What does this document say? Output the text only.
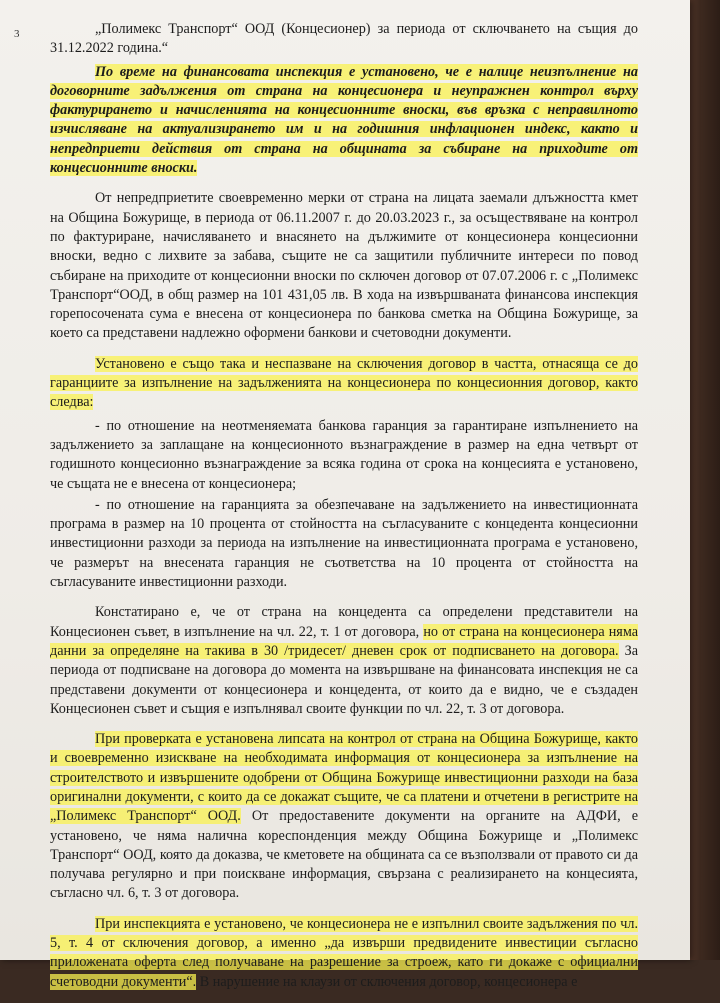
3	„Полимекс Транспорт“ ООД (Концесионер) за периода от сключването на същия до 31.12.2022 година.“

По време на финансовата инспекция е установено, че е налице неизпълнение на договорните задължения от страна на концесионера и неупражнен контрол върху фактурирането и начисленията на концесионните вноски, във връзка с неправилното изчисляване на актуализирането им и на годишния инфлационен индекс, както и непредприети действия от страна на общината за събиране на приходите от концесионните вноски.

От непредприетите своевременно мерки от страна на лицата заемали длъжността кмет на Община Божурище, в периода от 06.11.2007 г. до 20.03.2023 г., за осъществяване на контрол по фактуриране, начисляването и внасянето на дължимите от концесионера концесионни вноски, ведно с лихвите за забава, същите не са защитили публичните интереси по повод събиране на приходите от концесионни вноски по сключен договор от 07.07.2006 г. с „Полимекс Транспорт“ООД, в общ размер на 101 431,05 лв. В хода на извършваната финансова инспекция горепосочената сума е внесена от концесионера по банкова сметка на Община Божурище, за което са представени надлежно оформени банкови и счетоводни документи.

Установено е също така и неспазване на сключения договор в частта, отнасяща се до гаранциите за изпълнение на задълженията на концесионера по концесионния договор, както следва:

- по отношение на неотменяемата банкова гаранция за гарантиране изпълнението на задължението за заплащане на концесионното възнаграждение в размер на една четвърт от годишното концесионно възнаграждение за всяка година от срока на концесията е установено, че същата не е внесена от концесионера;

- по отношение на гаранцията за обезпечаване на задължението на инвестиционната програма в размер на 10 процента от стойността на съгласуваните с концедента концесионни инвестиционни разходи за периода на изпълнение на инвестиционната програма е установено, че размерът на внесената гаранция не съответства на 10 процента от стойността на съгласуваните инвестиционни разходи.

Констатирано е, че от страна на концедента са определени представители на Концесионен съвет, в изпълнение на чл. 22, т. 1 от договора, но от страна на концесионера няма данни за определяне на такива в 30 /тридесет/ дневен срок от подписването на договора. За периода от подписване на договора до момента на извършване на финансовата инспекция не са представени документи от концесионера и концедента, от които да е видно, че е създаден Концесионен съвет и същия е изпълнявал своите функции по чл. 22, т. 3 от договора.

При проверката е установена липсата на контрол от страна на Община Божурище, както и своевременно изискване на необходимата информация от концесионера за изпълнение на строителството и извършените одобрени от Община Божурище инвестиционни разходи на база оригинални документи, с които да се докажат същите, че са платени и отчетени в регистрите на „Полимекс Транспорт“ ООД. От предоставените документи на органите на АДФИ, е установено, че няма налична кореспонденция между Община Божурище и „Полимекс Транспорт“ ООД, която да доказва, че кметовете на общината са се възползвали от правото си да получава регулярно и при поискване информация, свързана с реализирането на концесията, съгласно чл. 6, т. 3 от договора.

При инспекцията е установено, че концесионера не е изпълнил своите задължения по чл. 5, т. 4 от сключения договор, а именно „да извърши предвидените инвестиции съгласно приложената оферта след получаване на разрешение за строеж, като ги докаже с официални счетоводни документи“. В нарушение на клаузи от сключения договор, концесионера е
